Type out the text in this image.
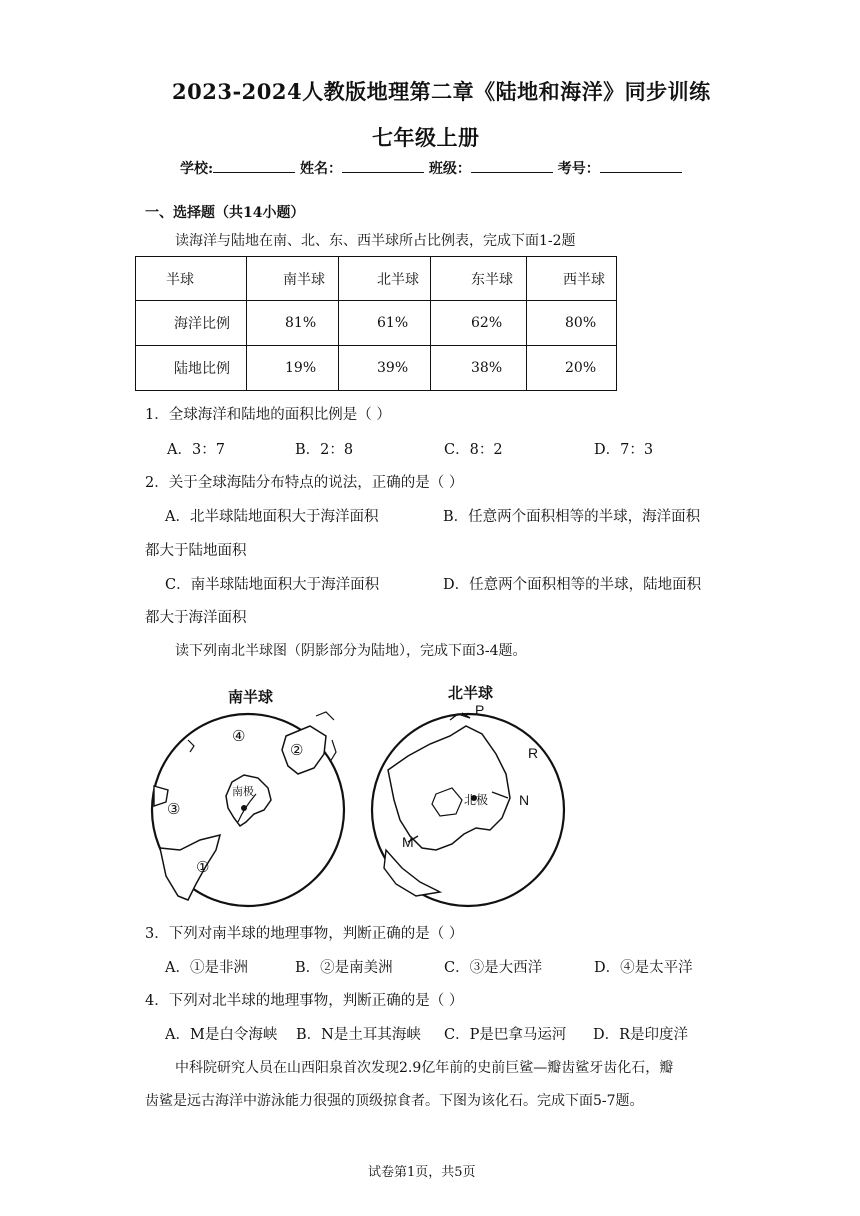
2023-2024人教版地理第二章《陆地和海洋》同步训练
七年级上册
学校:	姓名：	班级：	考号：
一、选择题（共14小题）
读海洋与陆地在南、北、东、西半球所占比例表，完成下面1-2题
半球	南半球	北半球	东半球	西半球
海洋比例	81%	61%	62%	80%
陆地比例	19%	39%	38%	20%
1．全球海洋和陆地的面积比例是（ ）
A．3：7	B．2：8	C．8：2	D．7：3
2．关于全球海陆分布特点的说法，正确的是（ ）
A．北半球陆地面积大于海洋面积	B．任意两个面积相等的半球，海洋面积
都大于陆地面积
C．南半球陆地面积大于海洋面积	D．任意两个面积相等的半球，陆地面积
都大于海洋面积
读下列南北半球图（阴影部分为陆地），完成下面3-4题。
南半球	北半球
南极
北极
①
②
③
④
P
R
N
M
3．下列对南半球的地理事物，判断正确的是（ ）
A．①是非洲	B．②是南美洲	C．③是大西洋	D．④是太平洋
4．下列对北半球的地理事物，判断正确的是（ ）
A．M是白令海峡 B．N是土耳其海峡 C．P是巴拿马运河 D．R是印度洋
中科院研究人员在山西阳泉首次发现2.9亿年前的史前巨鲨—瓣齿鲨牙齿化石，瓣
齿鲨是远古海洋中游泳能力很强的顶级掠食者。下图为该化石。完成下面5-7题。
试卷第1页，共5页
